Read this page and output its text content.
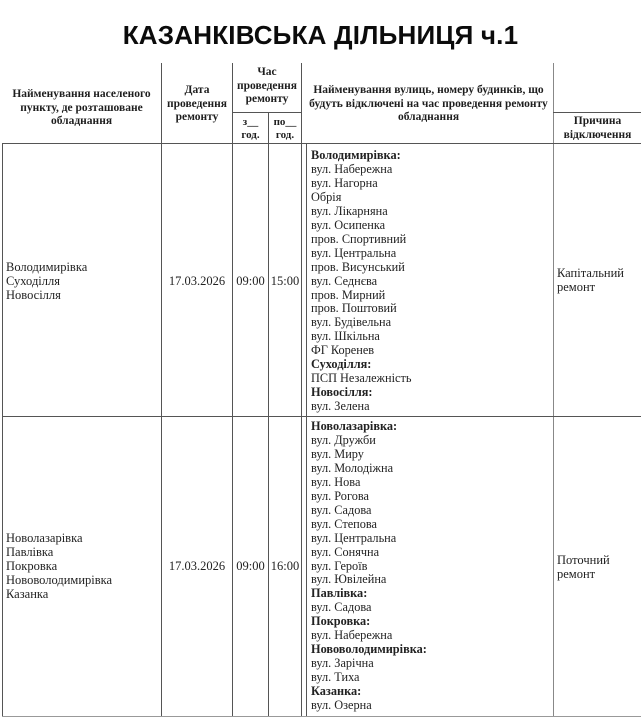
КАЗАНКІВСЬКА ДІЛЬНИЦЯ ч.1
Найменування населеного пункту, де розташоване обладнання
Дата проведення ремонту
Час проведення ремонту
з__ год.
по__ год.
Найменування вулиць, номеру будинків, що будуть відключені на час проведення ремонту обладнання	Причина відключення
Володимирівка
Суходілля
Новосілля
17.03.2026 09:00 15:00
Володимирівка:
вул. Набережна
вул. Нагорна
Обрія
вул. Лікарняна
вул. Осипенка
пров. Спортивний
вул. Центральна
пров. Висунський
вул. Седнєва
пров. Мирний
пров. Поштовий
вул. Будівельна
вул. Шкільна
ФГ Коренев
Суходілля:
ПСП Незалежність
Новосілля:
вул. Зелена
Капітальний
ремонт
Новолазарівка
Павлівка
Покровка
Нововолодимирівка
Казанка
17.03.2026 09:00 16:00
Новолазарівка:
вул. Дружби
вул. Миру
вул. Молодіжна
вул. Нова
вул. Рогова
вул. Садова
вул. Степова
вул. Центральна
вул. Сонячна
вул. Героїв
вул. Ювілейна
Павлівка:
вул. Садова
Покровка:
вул. Набережна
Нововолодимирівка:
вул. Зарічна
вул. Тиха
Казанка:
вул. Озерна
Поточний
ремонт
